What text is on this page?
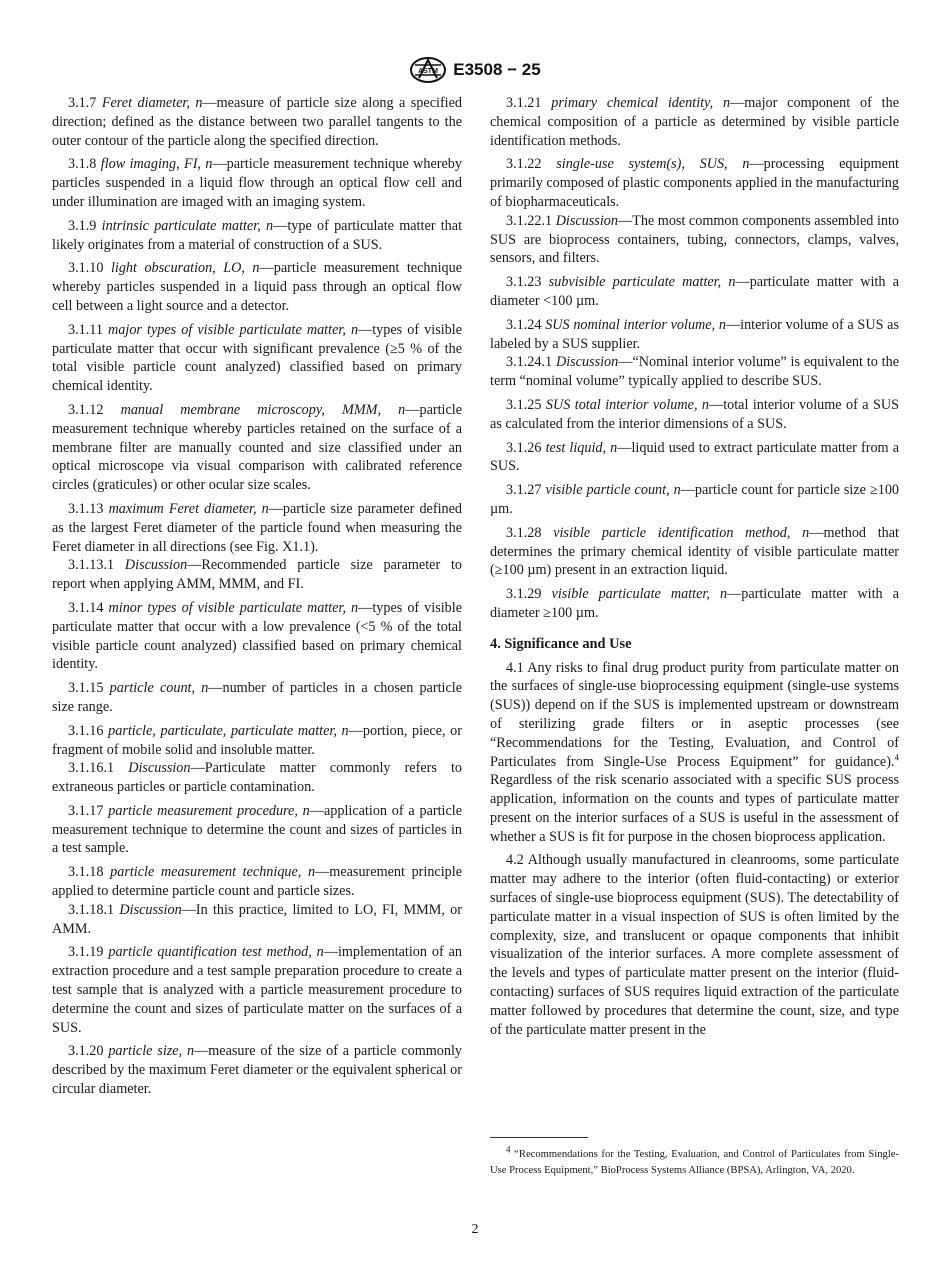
ASTM E3508 − 25

3.1.7 Feret diameter, n—measure of particle size along a specified direction; defined as the distance between two parallel tangents to the outer contour of the particle along the specified direction.

3.1.8 flow imaging, FI, n—particle measurement technique whereby particles suspended in a liquid flow through an optical flow cell and under illumination are imaged with an imaging system.

3.1.9 intrinsic particulate matter, n—type of particulate matter that likely originates from a material of construction of a SUS.

3.1.10 light obscuration, LO, n—particle measurement technique whereby particles suspended in a liquid pass through an optical flow cell between a light source and a detector.

3.1.11 major types of visible particulate matter, n—types of visible particulate matter that occur with significant prevalence (≥5 % of the total visible particle count analyzed) classified based on primary chemical identity.

3.1.12 manual membrane microscopy, MMM, n—particle measurement technique whereby particles retained on the surface of a membrane filter are manually counted and size classified under an optical microscope via visual comparison with calibrated reference circles (graticules) or other ocular size scales.

3.1.13 maximum Feret diameter, n—particle size parameter defined as the largest Feret diameter of the particle found when measuring the Feret diameter in all directions (see Fig. X1.1).

3.1.13.1 Discussion—Recommended particle size parameter to report when applying AMM, MMM, and FI.

3.1.14 minor types of visible particulate matter, n—types of visible particulate matter that occur with a low prevalence (<5 % of the total visible particle count analyzed) classified based on primary chemical identity.

3.1.15 particle count, n—number of particles in a chosen particle size range.

3.1.16 particle, particulate, particulate matter, n—portion, piece, or fragment of mobile solid and insoluble matter.

3.1.16.1 Discussion—Particulate matter commonly refers to extraneous particles or particle contamination.

3.1.17 particle measurement procedure, n—application of a particle measurement technique to determine the count and sizes of particles in a test sample.

3.1.18 particle measurement technique, n—measurement principle applied to determine particle count and particle sizes.

3.1.18.1 Discussion—In this practice, limited to LO, FI, MMM, or AMM.

3.1.19 particle quantification test method, n—implementation of an extraction procedure and a test sample preparation procedure to create a test sample that is analyzed with a particle measurement procedure to determine the count and sizes of particulate matter on the surfaces of a SUS.

3.1.20 particle size, n—measure of the size of a particle commonly described by the maximum Feret diameter or the equivalent spherical or circular diameter.

3.1.21 primary chemical identity, n—major component of the chemical composition of a particle as determined by visible particle identification methods.

3.1.22 single-use system(s), SUS, n—processing equipment primarily composed of plastic components applied in the manufacturing of biopharmaceuticals.

3.1.22.1 Discussion—The most common components assembled into SUS are bioprocess containers, tubing, connectors, clamps, valves, sensors, and filters.

3.1.23 subvisible particulate matter, n—particulate matter with a diameter <100 µm.

3.1.24 SUS nominal interior volume, n—interior volume of a SUS as labeled by a SUS supplier.

3.1.24.1 Discussion—“Nominal interior volume” is equivalent to the term “nominal volume” typically applied to describe SUS.

3.1.25 SUS total interior volume, n—total interior volume of a SUS as calculated from the interior dimensions of a SUS.

3.1.26 test liquid, n—liquid used to extract particulate matter from a SUS.

3.1.27 visible particle count, n—particle count for particle size ≥100 µm.

3.1.28 visible particle identification method, n—method that determines the primary chemical identity of visible particulate matter (≥100 µm) present in an extraction liquid.

3.1.29 visible particulate matter, n—particulate matter with a diameter ≥100 µm.

4. Significance and Use

4.1 Any risks to final drug product purity from particulate matter on the surfaces of single-use bioprocessing equipment (single-use systems (SUS)) depend on if the SUS is implemented upstream or downstream of sterilizing grade filters or in aseptic processes (see “Recommendations for the Testing, Evaluation, and Control of Particulates from Single-Use Process Equipment” for guidance).$^4$ Regardless of the risk scenario associated with a specific SUS process application, information on the counts and types of particulate matter present on the interior surfaces of a SUS is useful in the assessment of whether a SUS is fit for purpose in the chosen bioprocess application.

4.2 Although usually manufactured in cleanrooms, some particulate matter may adhere to the interior (often fluid-contacting) or exterior surfaces of single-use bioprocess equipment (SUS). The detectability of particulate matter in a visual inspection of SUS is often limited by the complexity, size, and translucent or opaque components that inhibit visualization of the interior surfaces. A more complete assessment of the levels and types of particulate matter present on the interior (fluid-contacting) surfaces of SUS requires liquid extraction of the particulate matter followed by procedures that determine the count, size, and type of the particulate matter present in the

$^4$ “Recommendations for the Testing, Evaluation, and Control of Particulates from Single-Use Process Equipment,” BioProcess Systems Alliance (BPSA), Arlington, VA, 2020.

2
